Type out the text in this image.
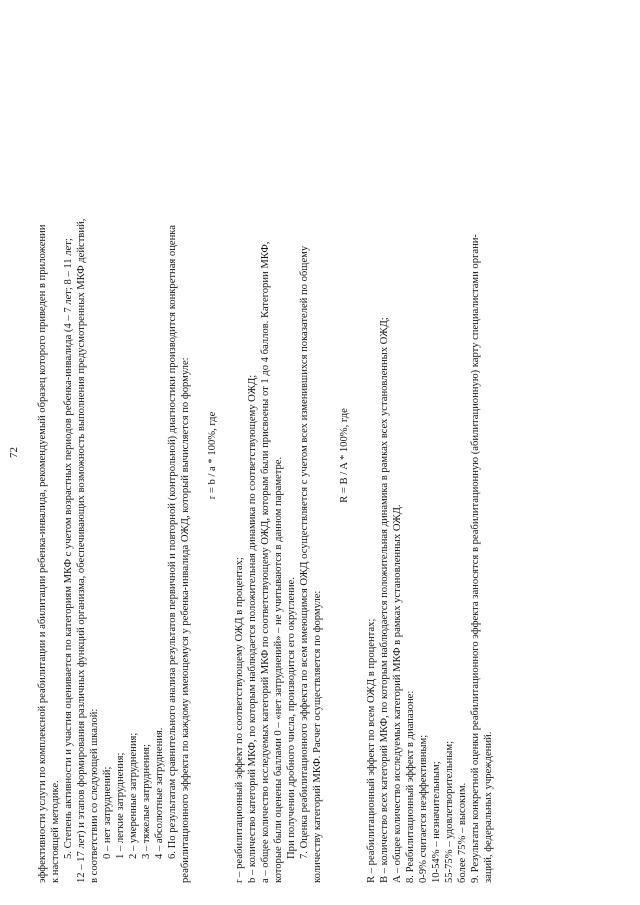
72 эффективности услуги по комплексной реабилитации и абилитации ребенка-инвалида, рекомендуемый образец которого приведен в приложении к настоящей методике. 5. Степень активности и участия оценивается по категориям МКФ с учетом возрастных периодов ребенка-инвалида (4 – 7 лет; 8 – 11 лет; 12 – 17 лет) и этапов формирования различных функций организма, обеспечивающих возможность выполнения предусмотренных МКФ действий, в соответствии со следующей шкалой: 0 – нет затруднений; 1 – легкие затруднения; 2 – умеренные затруднения; 3 – тяжелые затруднения; 4 – абсолютные затруднения. 6. По результатам сравнительного анализа результатов первичной и повторной (контрольной) диагностики производится конкретная оценка реабилитационного эффекта по каждому имеющемуся у ребенка-инвалида ОЖД, который вычисляется по формуле: r = b / a * 100%, где

r – реабилитационный эффект по соответствующему ОЖД в процентах; b – количество категорий МКФ, по которым наблюдается положительная динамика по соответствующему ОЖД; a – общее количество исследуемых категорий МКФ по соответствующему ОЖД, которым были присвоены от 1 до 4 баллов. Категории МКФ, которые были оценены баллами 0 – «нет затруднений» – не учитываются в данном параметре. При получении дробного числа, производится его округление. 7. Оценка реабилитационного эффекта по всем имеющимся ОЖД осуществляется с учетом всех изменившихся показателей по общему количеству категорий МКФ. Расчет осуществляется по формуле:

R = B / A * 100%, где

R – реабилитационный эффект по всем ОЖД в процентах; B – количество всех категорий МКФ, по которым наблюдается положительная динамика в рамках всех установленных ОЖД; A – общее количество исследуемых категорий МКФ в рамках установленных ОЖД. 8. Реабилитационный эффект в диапазоне: 0-9% считается неэффективным; 10-54% – незначительным; 55-75% – удовлетворительным; более 75% – высоким. 9. Результаты конкретной оценки реабилитационного эффекта заносятся в реабилитационную (абилитационную) карту специалистами органи- заций, федеральных учреждений.
